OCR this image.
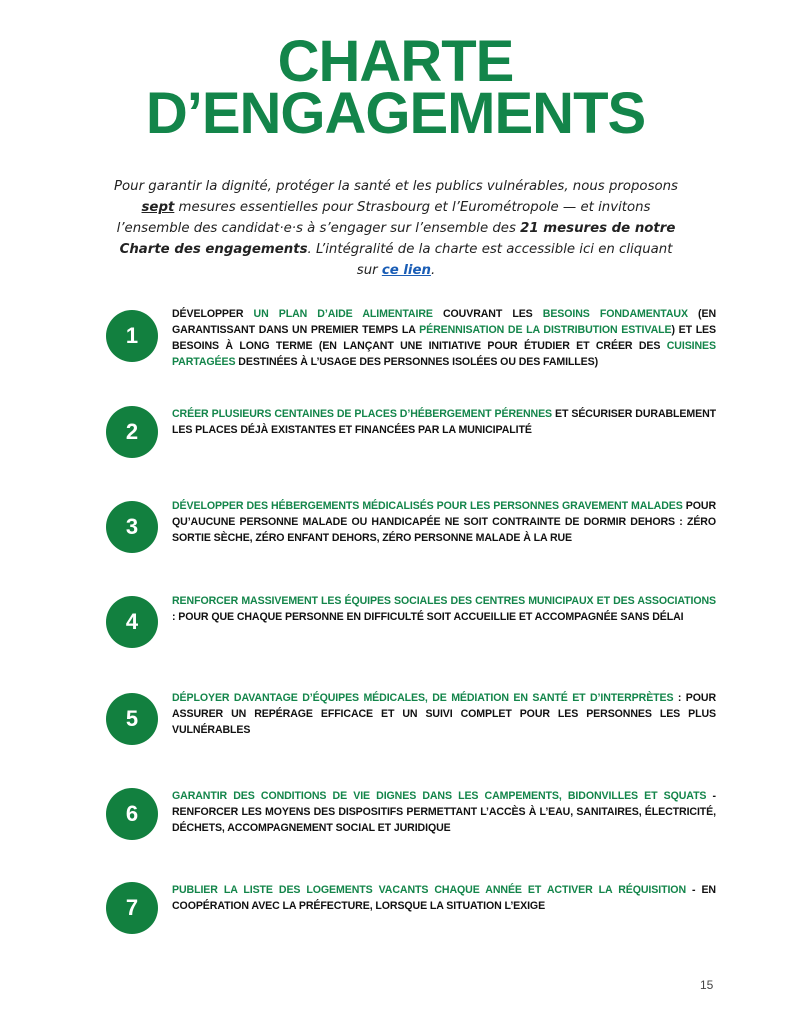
CHARTE
D’ENGAGEMENTS
Pour garantir la dignité, protéger la santé et les publics vulnérables, nous proposons sept mesures essentielles pour Strasbourg et l’Eurométropole — et invitons l’ensemble des candidat·e·s à s’engager sur l’ensemble des 21 mesures de notre Charte des engagements. L’intégralité de la charte est accessible ici en cliquant sur ce lien.
1
DÉVELOPPER UN PLAN D’AIDE ALIMENTAIRE COUVRANT LES BESOINS FONDAMENTAUX (EN GARANTISSANT DANS UN PREMIER TEMPS LA PÉRENNISATION DE LA DISTRIBUTION ESTIVALE) ET LES BESOINS À LONG TERME (EN LANÇANT UNE INITIATIVE POUR ÉTUDIER ET CRÉER DES CUISINES PARTAGÉES DESTINÉES À L’USAGE DES PERSONNES ISOLÉES OU DES FAMILLES)
2
CRÉER PLUSIEURS CENTAINES DE PLACES D’HÉBERGEMENT PÉRENNES ET SÉCURISER DURABLEMENT LES PLACES DÉJÀ EXISTANTES ET FINANCÉES PAR LA MUNICIPALITÉ
3
DÉVELOPPER DES HÉBERGEMENTS MÉDICALISÉS POUR LES PERSONNES GRAVEMENT MALADES POUR QU’AUCUNE PERSONNE MALADE OU HANDICAPÉE NE SOIT CONTRAINTE DE DORMIR DEHORS : ZÉRO SORTIE SÈCHE, ZÉRO ENFANT DEHORS, ZÉRO PERSONNE MALADE À LA RUE
4
RENFORCER MASSIVEMENT LES ÉQUIPES SOCIALES DES CENTRES MUNICIPAUX ET DES ASSOCIATIONS : POUR QUE CHAQUE PERSONNE EN DIFFICULTÉ SOIT ACCUEILLIE ET ACCOMPAGNÉE SANS DÉLAI
5
DÉPLOYER DAVANTAGE D’ÉQUIPES MÉDICALES, DE MÉDIATION EN SANTÉ ET D’INTERPRÈTES : POUR ASSURER UN REPÉRAGE EFFICACE ET UN SUIVI COMPLET POUR LES PERSONNES LES PLUS VULNÉRABLES
6
GARANTIR DES CONDITIONS DE VIE DIGNES DANS LES CAMPEMENTS, BIDONVILLES ET SQUATS - RENFORCER LES MOYENS DES DISPOSITIFS PERMETTANT L’ACCÈS À L’EAU, SANITAIRES, ÉLECTRICITÉ, DÉCHETS, ACCOMPAGNEMENT SOCIAL ET JURIDIQUE
7
PUBLIER LA LISTE DES LOGEMENTS VACANTS CHAQUE ANNÉE ET ACTIVER LA RÉQUISITION - EN COOPÉRATION AVEC LA PRÉFECTURE, LORSQUE LA SITUATION L’EXIGE
15
